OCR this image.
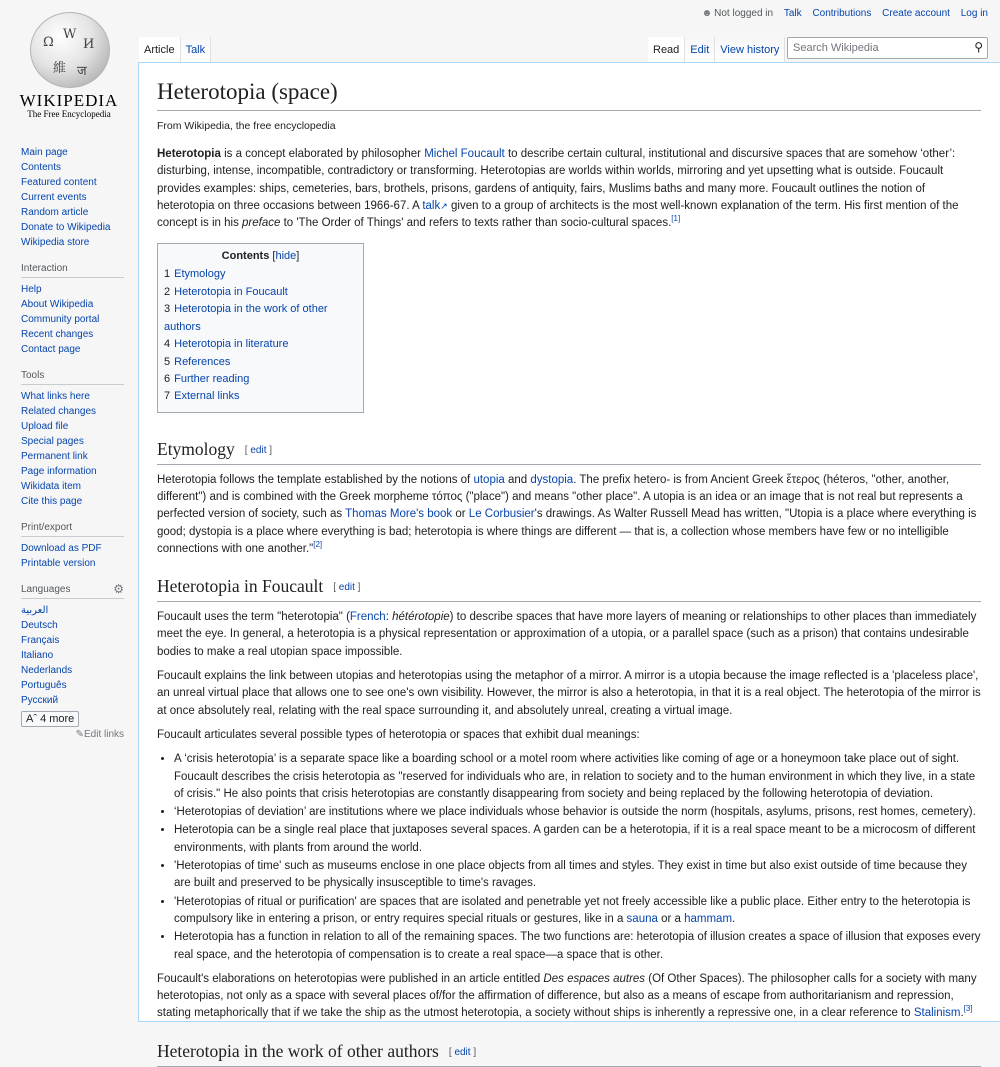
Ω
W
И
維 ज
WIKIPEDIA
The Free Encyclopedia
☻ Not logged in Talk Contributions Create account Log in
Article	Talk	Read	Edit	View history
Search Wikipedia	⚲
Main page
Contents
Featured content
Current events
Random article
Donate to Wikipedia
Wikipedia store
Interaction
Help
About Wikipedia
Community portal
Recent changes
Contact page
Tools
What links here
Related changes
Upload file
Special pages
Permanent link
Page information
Wikidata item
Cite this page
Print/export
Download as PDF
Printable version
Languages	⚙
العربية
Deutsch
Français
Italiano
Nederlands
Português
Русский
Aˆ 4 more
✎Edit links
Heterotopia (space)
From Wikipedia, the free encyclopedia

Heterotopia is a concept elaborated by philosopher Michel Foucault to describe certain cultural, institutional and discursive spaces that are somehow ‘other’: disturbing, intense, incompatible, contradictory or transforming. Heterotopias are worlds within worlds, mirroring and yet upsetting what is outside. Foucault provides examples: ships, cemeteries, bars, brothels, prisons, gardens of antiquity, fairs, Muslims baths and many more. Foucault outlines the notion of heterotopia on three occasions between 1966-67. A talk↗ given to a group of architects is the most well-known explanation of the term. His first mention of the concept is in his preface to 'The Order of Things' and refers to texts rather than socio-cultural spaces.[1]

Contents [hide]
1 Etymology
2 Heterotopia in Foucault
3 Heterotopia in the work of other authors
4 Heterotopia in literature
5 References
6 Further reading
7 External links
Etymology [ edit ]

Heterotopia follows the template established by the notions of utopia and dystopia. The prefix hetero- is from Ancient Greek ἕτερος (héteros, "other, another, different") and is combined with the Greek morpheme τόπος ("place") and means "other place". A utopia is an idea or an image that is not real but represents a perfected version of society, such as Thomas More's book or Le Corbusier's drawings. As Walter Russell Mead has written, "Utopia is a place where everything is good; dystopia is a place where everything is bad; heterotopia is where things are different — that is, a collection whose members have few or no intelligible connections with one another."[2]

Heterotopia in Foucault [ edit ]

Foucault uses the term "heterotopia" (French: hétérotopie) to describe spaces that have more layers of meaning or relationships to other places than immediately meet the eye. In general, a heterotopia is a physical representation or approximation of a utopia, or a parallel space (such as a prison) that contains undesirable bodies to make a real utopian space impossible.

Foucault explains the link between utopias and heterotopias using the metaphor of a mirror. A mirror is a utopia because the image reflected is a 'placeless place', an unreal virtual place that allows one to see one's own visibility. However, the mirror is also a heterotopia, in that it is a real object. The heterotopia of the mirror is at once absolutely real, relating with the real space surrounding it, and absolutely unreal, creating a virtual image.

Foucault articulates several possible types of heterotopia or spaces that exhibit dual meanings:

• A ‘crisis heterotopia’ is a separate space like a boarding school or a motel room where activities like coming of age or a honeymoon take place out of sight. Foucault describes the crisis heterotopia as "reserved for individuals who are, in relation to society and to the human environment in which they live, in a state of crisis." He also points that crisis heterotopias are constantly disappearing from society and being replaced by the following heterotopia of deviation.
• ‘Heterotopias of deviation’ are institutions where we place individuals whose behavior is outside the norm (hospitals, asylums, prisons, rest homes, cemetery).
• Heterotopia can be a single real place that juxtaposes several spaces. A garden can be a heterotopia, if it is a real space meant to be a microcosm of different environments, with plants from around the world.
• 'Heterotopias of time' such as museums enclose in one place objects from all times and styles. They exist in time but also exist outside of time because they are built and preserved to be physically insusceptible to time's ravages.
• 'Heterotopias of ritual or purification' are spaces that are isolated and penetrable yet not freely accessible like a public place. Either entry to the heterotopia is compulsory like in entering a prison, or entry requires special rituals or gestures, like in a sauna or a hammam.
• Heterotopia has a function in relation to all of the remaining spaces. The two functions are: heterotopia of illusion creates a space of illusion that exposes every real space, and the heterotopia of compensation is to create a real space—a space that is other.

Foucault's elaborations on heterotopias were published in an article entitled Des espaces autres (Of Other Spaces). The philosopher calls for a society with many heterotopias, not only as a space with several places of/for the affirmation of difference, but also as a means of escape from authoritarianism and repression, stating metaphorically that if we take the ship as the utmost heterotopia, a society without ships is inherently a repressive one, in a clear reference to Stalinism.[3]

Heterotopia in the work of other authors [ edit ]
